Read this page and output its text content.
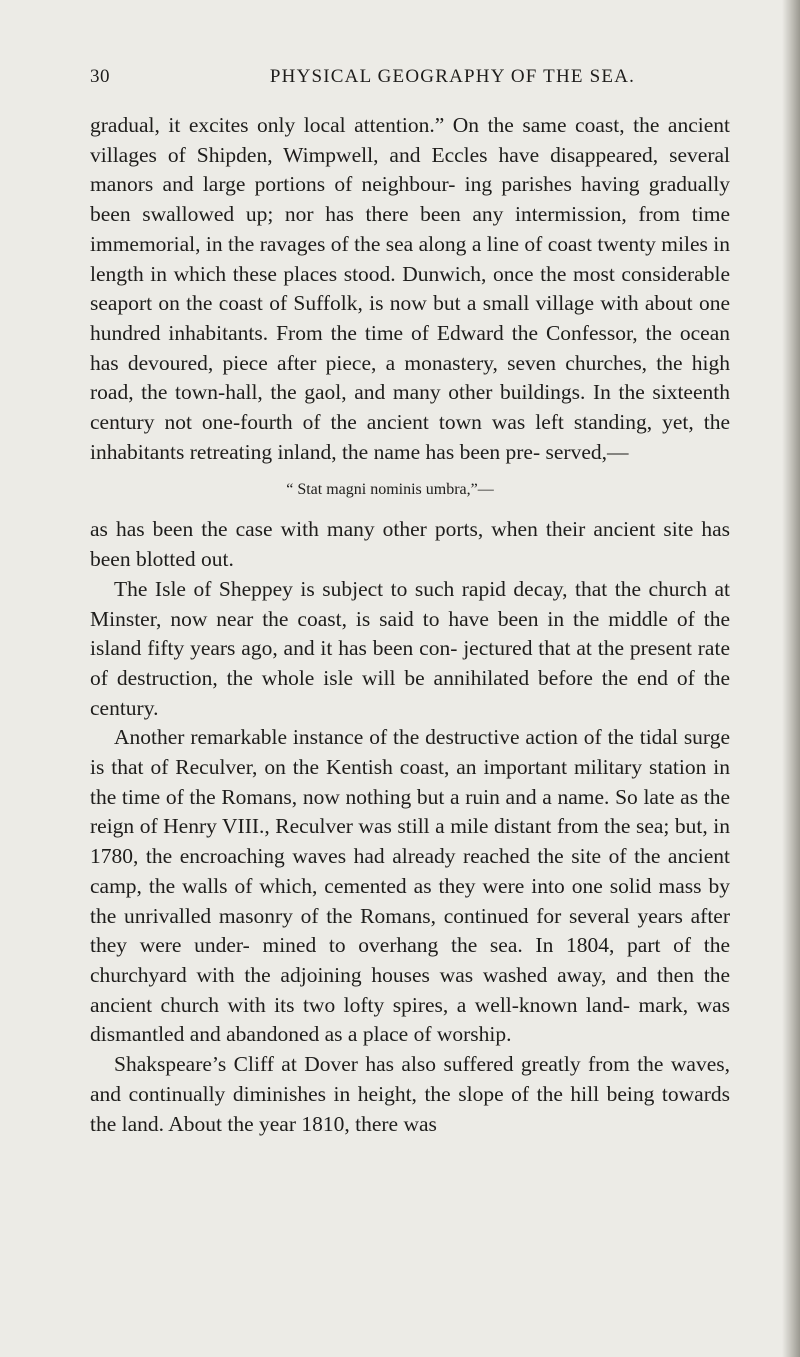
30	PHYSICAL GEOGRAPHY OF THE SEA.

gradual, it excites only local attention.” On the same coast, the ancient villages of Shipden, Wimpwell, and Eccles have disappeared, several manors and large portions of neighbour- ing parishes having gradually been swallowed up; nor has there been any intermission, from time immemorial, in the ravages of the sea along a line of coast twenty miles in length in which these places stood. Dunwich, once the most considerable seaport on the coast of Suffolk, is now but a small village with about one hundred inhabitants. From the time of Edward the Confessor, the ocean has devoured, piece after piece, a monastery, seven churches, the high road, the town-hall, the gaol, and many other buildings. In the sixteenth century not one-fourth of the ancient town was left standing, yet, the inhabitants retreating inland, the name has been pre- served,—

“ Stat magni nominis umbra,”—

as has been the case with many other ports, when their ancient site has been blotted out.

The Isle of Sheppey is subject to such rapid decay, that the church at Minster, now near the coast, is said to have been in the middle of the island fifty years ago, and it has been con- jectured that at the present rate of destruction, the whole isle will be annihilated before the end of the century.

Another remarkable instance of the destructive action of the tidal surge is that of Reculver, on the Kentish coast, an important military station in the time of the Romans, now nothing but a ruin and a name. So late as the reign of Henry VIII., Reculver was still a mile distant from the sea; but, in 1780, the encroaching waves had already reached the site of the ancient camp, the walls of which, cemented as they were into one solid mass by the unrivalled masonry of the Romans, continued for several years after they were under- mined to overhang the sea. In 1804, part of the churchyard with the adjoining houses was washed away, and then the ancient church with its two lofty spires, a well-known land- mark, was dismantled and abandoned as a place of worship.

Shakspeare’s Cliff at Dover has also suffered greatly from the waves, and continually diminishes in height, the slope of the hill being towards the land. About the year 1810, there was
